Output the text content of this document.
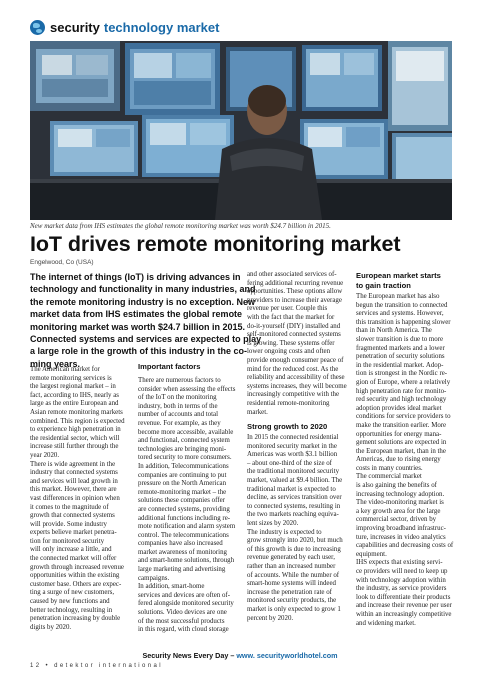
security technology market
New market data from IHS estimates the global remote monitoring market was worth $24.7 billion in 2015.
IoT drives remote monitoring market
Engelwood, Co (USA)
The internet of things (IoT) is driving advances in
technology and functionality in many industries, and
the remote monitoring industry is no exception. New
market data from IHS estimates the global remote
monitoring market was worth $24.7 billion in 2015.
Connected systems and services are expected to play
a large role in the growth of this industry in the co-
ming years.
The American market for
remote monitoring services is
the largest regional market – in
fact, according to IHS, nearly as
large as the entire European and
Asian remote monitoring markets
combined. This region is expected
to experience high penetration in
the residential sector, which will
increase still further through the
year 2020.
There is wide agreement in the
industry that connected systems
and services will lead growth in
this market. However, there are
vast differences in opinion when
it comes to the magnitude of
growth that connected systems
will provide. Some industry
experts believe market penetra-
tion for monitored security
will only increase a little, and
the connected market will offer
growth through increased revenue
opportunities within the existing
customer base. Others are expec-
ting a surge of new customers,
caused by new functions and
better technology, resulting in
penetration increasing by double
digits by 2020.
Important factors
There are numerous factors to
consider when assessing the effects
of the IoT on the monitoring
industry, both in terms of the
number of accounts and total
revenue. For example, as they
become more accessible, available
and functional, connected system
technologies are bringing moni-
tored security to more consumers.
In addition, Telecommunications
companies are continuing to put
pressure on the North American
remote-monitoring market – the
solutions these companies offer
are connected systems, providing
additional functions including re-
mote notification and alarm system
control. The telecommunications
companies have also increased
market awareness of monitoring
and smart-home solutions, through
large marketing and advertising
campaigns.
In addition, smart-home
services and devices are often of-
fered alongside monitored security
solutions. Video devices are one
of the most successful products
in this regard, with cloud storage
and other associated services of-
fering additional recurring revenue
opportunities. These options allow
providers to increase their average
revenue per user. Couple this
with the fact that the market for
do-it-yourself (DIY) installed and
self-monitored connected systems
is growing. These systems offer
lower ongoing costs and often
provide enough consumer peace of
mind for the reduced cost. As the
reliability and accessibility of these
systems increases, they will become
increasingly competitive with the
residential remote-monitoring
market.
Strong growth to 2020
In 2015 the connected residential
monitored security market in the
Americas was worth $3.1 billion
– about one-third of the size of
the traditional monitored security
market, valued at $9.4 billion. The
traditional market is expected to
decline, as services transition over
to connected systems, resulting in
the two markets reaching equiva-
lent sizes by 2020.
The industry is expected to
grow strongly into 2020, but much
of this growth is due to increasing
revenue generated by each user,
rather than an increased number
of accounts. While the number of
smart-home systems will indeed
increase the penetration rate of
monitored security products, the
market is only expected to grow 1
percent by 2020.
European market starts
to gain traction
The European market has also
begun the transition to connected
services and systems. However,
this transition is happening slower
than in North America. The
slower transition is due to more
fragmented markets and a lower
penetration of security solutions
in the residential market. Adop-
tion is strongest in the Nordic re-
gion of Europe, where a relatively
high penetration rate for monito-
red security and high technology
adoption provides ideal market
conditions for service providers to
make the transition earlier. More
opportunities for energy mana-
gement solutions are expected in
the European market, than in the
Americas, due to rising energy
costs in many countries.
The commercial market
is also gaining the benefits of
increasing technology adoption.
The video-monitoring market is
a key growth area for the large
commercial sector, driven by
improving broadband infrastruc-
ture, increases in video analytics
capabilities and decreasing costs of
equipment.
IHS expects that existing servi-
ce providers will need to keep up
with technology adoption within
the industry, as service providers
look to differentiate their products
and increase their revenue per user
within an increasingly competitive
and widening market.
Security News Every Day – www. securityworldhotel.com
12 • detektor international
